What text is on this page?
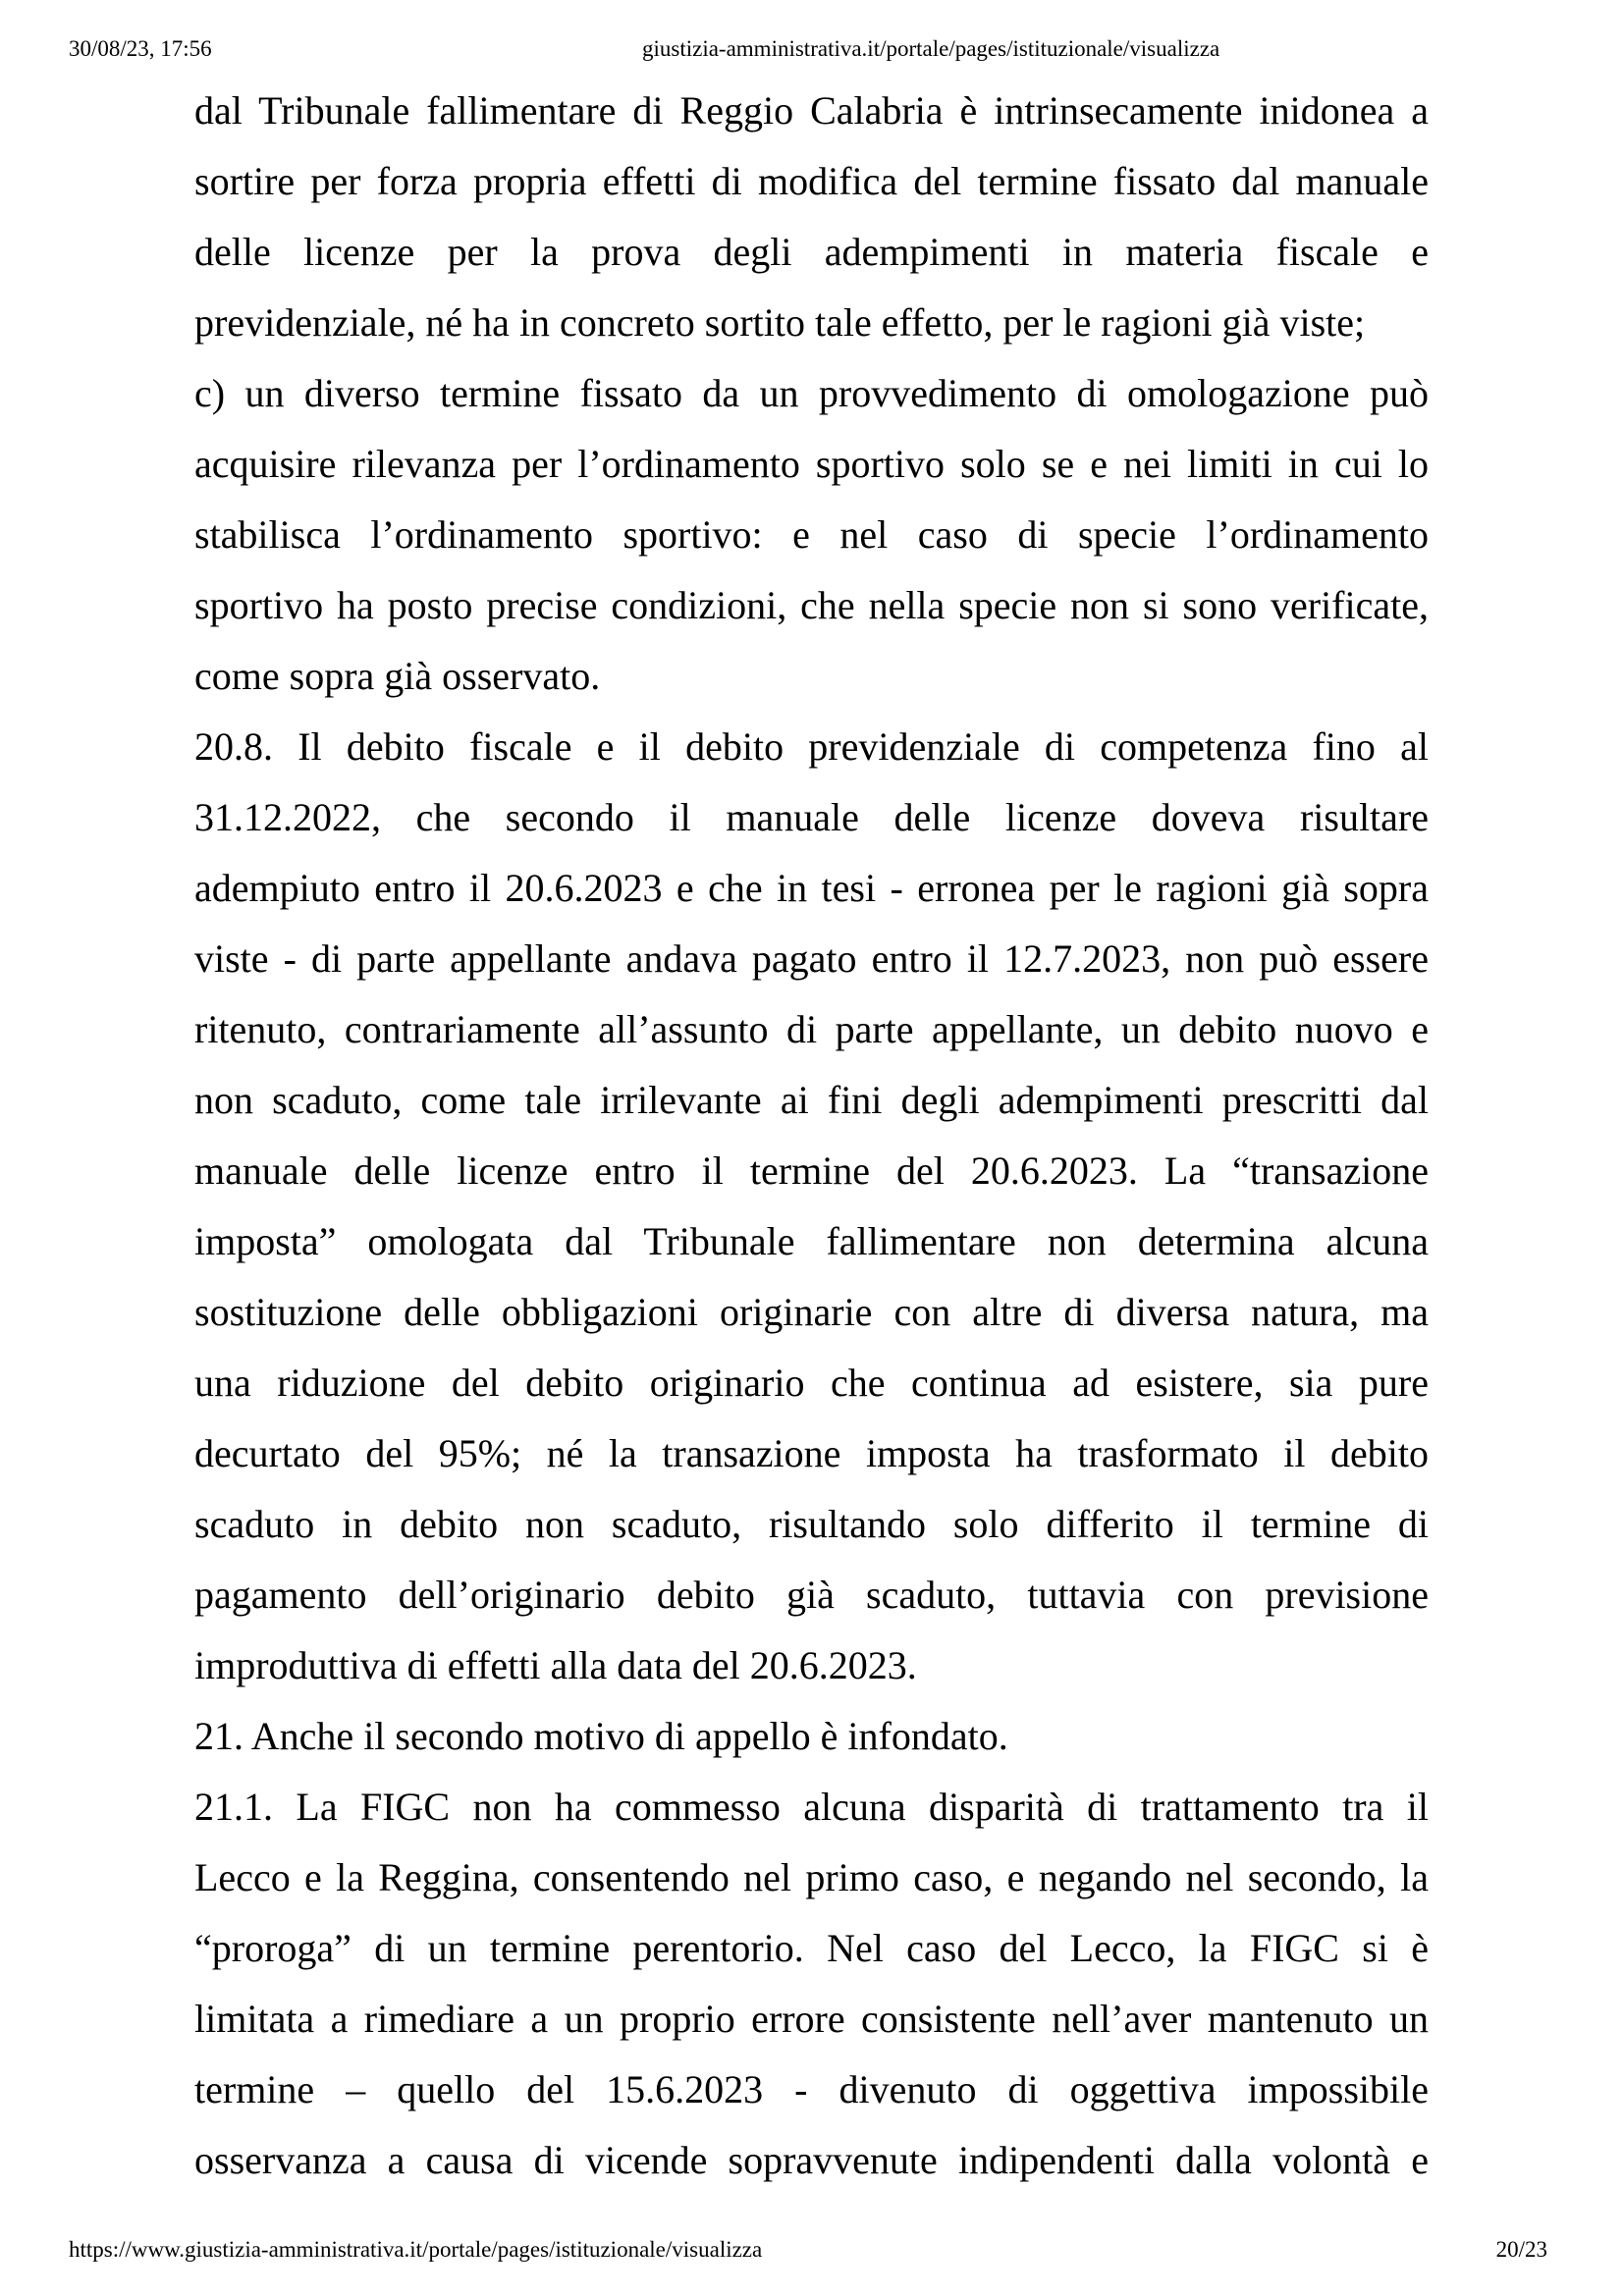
30/08/23, 17:56	giustizia-amministrativa.it/portale/pages/istituzionale/visualizza
dal Tribunale fallimentare di Reggio Calabria è intrinsecamente inidonea a
sortire per forza propria effetti di modifica del termine fissato dal manuale
delle licenze per la prova degli adempimenti in materia fiscale e
previdenziale, né ha in concreto sortito tale effetto, per le ragioni già viste;
c) un diverso termine fissato da un provvedimento di omologazione può
acquisire rilevanza per l’ordinamento sportivo solo se e nei limiti in cui lo
stabilisca l’ordinamento sportivo: e nel caso di specie l’ordinamento
sportivo ha posto precise condizioni, che nella specie non si sono verificate,
come sopra già osservato.
20.8. Il debito fiscale e il debito previdenziale di competenza fino al
31.12.2022, che secondo il manuale delle licenze doveva risultare
adempiuto entro il 20.6.2023 e che in tesi - erronea per le ragioni già sopra
viste - di parte appellante andava pagato entro il 12.7.2023, non può essere
ritenuto, contrariamente all’assunto di parte appellante, un debito nuovo e
non scaduto, come tale irrilevante ai fini degli adempimenti prescritti dal
manuale delle licenze entro il termine del 20.6.2023. La “transazione
imposta” omologata dal Tribunale fallimentare non determina alcuna
sostituzione delle obbligazioni originarie con altre di diversa natura, ma
una riduzione del debito originario che continua ad esistere, sia pure
decurtato del 95%; né la transazione imposta ha trasformato il debito
scaduto in debito non scaduto, risultando solo differito il termine di
pagamento dell’originario debito già scaduto, tuttavia con previsione
improduttiva di effetti alla data del 20.6.2023.
21. Anche il secondo motivo di appello è infondato.
21.1. La FIGC non ha commesso alcuna disparità di trattamento tra il
Lecco e la Reggina, consentendo nel primo caso, e negando nel secondo, la
“proroga” di un termine perentorio. Nel caso del Lecco, la FIGC si è
limitata a rimediare a un proprio errore consistente nell’aver mantenuto un
termine – quello del 15.6.2023 - divenuto di oggettiva impossibile
osservanza a causa di vicende sopravvenute indipendenti dalla volontà e
https://www.giustizia-amministrativa.it/portale/pages/istituzionale/visualizza	20/23
